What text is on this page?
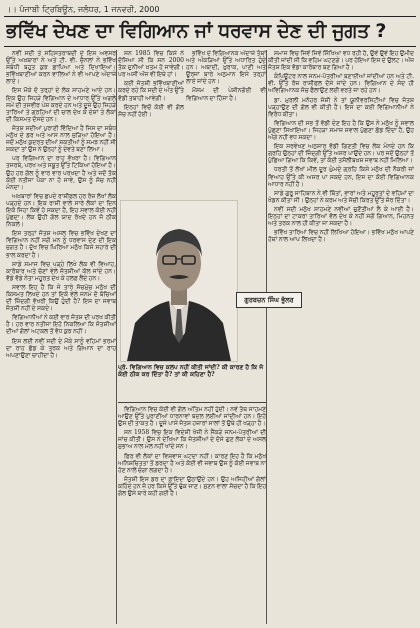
।। ਪੰਜਾਬੀ ਟ੍ਰਿਬਿਊਨ, ਜਲੰਧਰ, 1 ਜਨਵਰੀ, 2000
ਭਵਿੱਖ ਦੇਖਣ ਦਾ ਵਿਗਿਆਨ ਜਾਂ ਧਰਵਾਸ ਦੇਣ ਦੀ ਜੁਗਤ ?

ਨਵੀਂ ਸਦੀ ਤੇ ਸਹਿਸਤਰਾਬਦੀ ਦੇ ਇਸ ਅਵਸਰ ਉੱਤੇ ਅਖ਼ਬਾਰਾਂ ਨੇ ਅਤੇ ਟੀ. ਵੀ. ਚੈਨਲਾਂ ਨੇ ਭਵਿੱਖ ਸਬੰਧੀ ਬਹੁਤ ਕੁਝ ਛਾਪਿਆ ਅਤੇ ਦਿਖਾਇਆ। ਭਵਿੱਖਬਾਣੀਆਂ ਕਰਨ ਵਾਲਿਆਂ ਨੇ ਵੀ ਆਪਣੇ ਅੰਦਾਜ਼ੇ ਲਾਏ।

ਇਸ ਮੌਕੇ ਦੋ ਤਰ੍ਹਾਂ ਦੇ ਲੋਕ ਸਾਹਮਣੇ ਆਏ ਹਨ। ਇਕ ਉਹ ਜਿਹੜੇ ਵਿਗਿਆਨ ਦੇ ਆਧਾਰ ਉੱਤੇ ਅਗਲੇ ਸਮੇਂ ਦੀ ਤਸਵੀਰ ਪੇਸ਼ ਕਰਦੇ ਹਨ ਅਤੇ ਦੂਜੇ ਉਹ ਜਿਹੜੇ ਤਾਰਿਆਂ ਤੇ ਗ੍ਰਹਿਆਂ ਦੀ ਚਾਲ ਦੇਖ ਕੇ ਦੇਸ਼ਾਂ ਤੇ ਲੋਕਾਂ ਦੀ ਕਿਸਮਤ ਦੱਸਦੇ ਹਨ।

ਜੋਤਸ਼ ਸਦੀਆਂ ਪੁਰਾਣੀ ਵਿੱਦਿਆ ਹੈ ਜਿਸ ਦਾ ਸਬੰਧ ਮਨੁੱਖ ਦੇ ਡਰ ਅਤੇ ਆਸ ਨਾਲ ਜੁੜਿਆ ਹੋਇਆ ਹੈ। ਜਦੋਂ ਮਨੁੱਖ ਕੁਦਰਤ ਦੀਆਂ ਸ਼ਕਤੀਆਂ ਨੂੰ ਸਮਝ ਨਹੀਂ ਸੀ ਸਕਦਾ ਤਾਂ ਉਸ ਨੇ ਉਨ੍ਹਾਂ ਨੂੰ ਦੇਵਤੇ ਬਣਾ ਲਿਆ।

ਪਰ ਵਿਗਿਆਨ ਦਾ ਰਾਹ ਵੱਖਰਾ ਹੈ। ਵਿਗਿਆਨ ਤਜਰਬੇ, ਪਰਖ ਅਤੇ ਸਬੂਤ ਉੱਤੇ ਟਿਕਿਆ ਹੋਇਆ ਹੈ। ਉਹ ਹਰ ਗੱਲ ਨੂੰ ਵਾਰ ਵਾਰ ਪਰਖਦਾ ਹੈ ਅਤੇ ਜਦੋਂ ਤੱਕ ਕੋਈ ਨਤੀਜਾ ਪੱਕਾ ਨਾ ਹੋ ਜਾਵੇ, ਉਸ ਨੂੰ ਸੱਚ ਨਹੀਂ ਮੰਨਦਾ।

ਅਖ਼ਬਾਰਾਂ ਵਿਚ ਛਪਦੇ ਰਾਸ਼ੀਫਲ ਹਰ ਰੋਜ਼ ਲੱਖਾਂ ਲੋਕ ਪੜ੍ਹਦੇ ਹਨ। ਇਕ ਰਾਸ਼ੀ ਵਾਲੇ ਸਾਰੇ ਲੋਕਾਂ ਦਾ ਦਿਨ ਇਕੋ ਜਿਹਾ ਕਿਵੇਂ ਹੋ ਸਕਦਾ ਹੈ, ਇਹ ਸਵਾਲ ਕੋਈ ਨਹੀਂ ਪੁੱਛਦਾ। ਲੋਕ ਉਹੀ ਗੱਲ ਯਾਦ ਰੱਖਦੇ ਹਨ ਜੋ ਠੀਕ ਨਿਕਲੇ।

ਇਸ ਤਰ੍ਹਾਂ ਜੋਤਸ਼ ਅਸਲ ਵਿਚ ਭਵਿੱਖ ਦੇਖਣ ਦਾ ਵਿਗਿਆਨ ਨਹੀਂ ਸਗੋਂ ਮਨ ਨੂੰ ਧਰਵਾਸ ਦੇਣ ਦੀ ਇਕ ਜੁਗਤ ਹੈ। ਦੁੱਖ ਵਿਚ ਘਿਰਿਆ ਮਨੁੱਖ ਕਿਸੇ ਸਹਾਰੇ ਦੀ ਭਾਲ ਕਰਦਾ ਹੈ।

ਸਾਡੇ ਸਮਾਜ ਵਿਚ ਪੜ੍ਹੇ ਲਿਖੇ ਲੋਕ ਵੀ ਵਿਆਹ, ਕਾਰੋਬਾਰ ਅਤੇ ਚੋਣਾਂ ਵੇਲੇ ਜੋਤਸ਼ੀਆਂ ਕੋਲ ਜਾਂਦੇ ਹਨ। ਵੱਡੇ ਵੱਡੇ ਨੇਤਾ ਮਹੂਰਤ ਦੇਖ ਕੇ ਹਲਫ਼ ਲੈਂਦੇ ਹਨ।

ਸਵਾਲ ਇਹ ਹੈ ਕਿ ਜੇ ਤਾਰੇ ਸੱਚਮੁੱਚ ਮਨੁੱਖ ਦੀ ਕਿਸਮਤ ਲਿਖਦੇ ਹਨ ਤਾਂ ਇਕੋ ਵੇਲੇ ਜਨਮੇ ਦੋ ਬੱਚਿਆਂ ਦੀ ਜ਼ਿੰਦਗੀ ਵੱਖਰੀ ਕਿਉਂ ਹੁੰਦੀ ਹੈ? ਇਸ ਦਾ ਜਵਾਬ ਜੋਤਸ਼ੀ ਨਹੀਂ ਦੇ ਸਕਦੇ।

ਵਿਗਿਆਨੀਆਂ ਨੇ ਕਈ ਵਾਰ ਜੋਤਸ਼ ਦੀ ਪਰਖ ਕੀਤੀ ਹੈ। ਹਰ ਵਾਰ ਨਤੀਜਾ ਇਹੋ ਨਿਕਲਿਆ ਕਿ ਜੋਤਸ਼ੀਆਂ ਦੀਆਂ ਗੱਲਾਂ ਅਟਕਲ ਤੋਂ ਵੱਧ ਕੁਝ ਨਹੀਂ।

ਇਸ ਲਈ ਨਵੀਂ ਸਦੀ ਦੇ ਮੌਕੇ ਸਾਨੂੰ ਵਹਿਮਾਂ ਭਰਮਾਂ ਦਾ ਰਾਹ ਛੱਡ ਕੇ ਤਰਕ ਅਤੇ ਗਿਆਨ ਦਾ ਰਾਹ ਅਪਣਾਉਣਾ ਚਾਹੀਦਾ ਹੈ।

ਸਨ 1985 ਵਿਚ ਕਿਸੇ ਨੇ ਦੱਸਿਆ ਸੀ ਕਿ ਸਨ 2000 ਤੱਕ ਦੁਨੀਆਂ ਖ਼ਤਮ ਹੋ ਜਾਵੇਗੀ। ਪਰ ਅਸੀਂ ਅੱਜ ਵੀ ਇਥੇ ਹਾਂ।

ਕਈ ਜੋਤਸ਼ੀ ਭਵਿੱਖਬਾਣੀਆਂ ਕਰਦੇ ਰਹੇ ਕਿ ਸਦੀ ਦੇ ਅੰਤ ਉੱਤੇ ਵੱਡੀ ਤਬਾਹੀ ਆਵੇਗੀ।

ਇਨ੍ਹਾਂ ਵਿਚੋਂ ਕੋਈ ਵੀ ਗੱਲ ਸੱਚ ਨਹੀਂ ਹੋਈ।

ਭਵਿੱਖ ਦੇ ਵਿਗਿਆਨਕ ਅੰਦਾਜ਼ੇ ਤੱਥਾਂ ਅਤੇ ਅੰਕੜਿਆਂ ਉੱਤੇ ਅਧਾਰਿਤ ਹੁੰਦੇ ਹਨ। ਅਬਾਦੀ, ਖ਼ੁਰਾਕ, ਪਾਣੀ ਅਤੇ ਊਰਜਾ ਬਾਰੇ ਅਨੁਮਾਨ ਇਸੇ ਤਰ੍ਹਾਂ ਲਾਏ ਜਾਂਦੇ ਹਨ।

ਮੌਸਮ ਦੀ ਪੇਸ਼ੀਨਗੋਈ ਵੀ ਵਿਗਿਆਨ ਦਾ ਹਿੱਸਾ ਹੈ।

ਗੁਰਬਚਨ ਸਿੰਘ ਭੁੱਲਰ
ਪ੍ਰੋ. ਵਿਗਿਆਨ ਵਿਚ ਕਲਪ ਨਹੀਂ ਕੀਤੀ ਜਾਂਦੀ? ਕੀ ਕਾਰਣ ਹੈ ਕਿ ਜੋ ਕੋਈ ਠੀਕ ਕਰ ਦਿੱਤਾ ਹੈ? ਤਾਂ ਕੀ ਕਹਿਣਾ ਹੈ?

ਵਿਗਿਆਨ ਵਿਚ ਕੋਈ ਵੀ ਗੱਲ ਅੰਤਿਮ ਨਹੀਂ ਹੁੰਦੀ। ਨਵੇਂ ਤੱਥ ਸਾਹਮਣੇ ਆਉਣ ਉੱਤੇ ਪੁਰਾਣੀਆਂ ਧਾਰਨਾਵਾਂ ਬਦਲ ਲਈਆਂ ਜਾਂਦੀਆਂ ਹਨ। ਇਹੋ ਉਸ ਦੀ ਤਾਕਤ ਹੈ। ਦੂਜੇ ਪਾਸੇ ਜੋਤਸ਼ ਹਜ਼ਾਰਾਂ ਸਾਲਾਂ ਤੋਂ ਉਥੇ ਹੀ ਖੜ੍ਹਾ ਹੈ।

ਸਨ 1958 ਵਿਚ ਇਕ ਵਿਦੇਸ਼ੀ ਖੋਜੀ ਨੇ ਸੈਂਕੜੇ ਜਨਮ-ਪੱਤਰੀਆਂ ਦੀ ਜਾਂਚ ਕੀਤੀ। ਉਸ ਨੇ ਦੇਖਿਆ ਕਿ ਜੋਤਸ਼ੀਆਂ ਦੇ ਦੱਸੇ ਗੁਣ ਲੋਕਾਂ ਦੇ ਅਸਲ ਸੁਭਾਅ ਨਾਲ ਮੇਲ ਨਹੀਂ ਖਾਂਦੇ ਸਨ।

ਫਿਰ ਵੀ ਲੋਕਾਂ ਦਾ ਵਿਸ਼ਵਾਸ ਘਟਦਾ ਨਹੀਂ। ਕਾਰਣ ਇਹ ਹੈ ਕਿ ਮਨੁੱਖ ਅਨਿਸ਼ਚਿਤਤਾ ਤੋਂ ਡਰਦਾ ਹੈ ਅਤੇ ਕੋਈ ਵੀ ਜਵਾਬ ਉਸ ਨੂੰ ਕੋਈ ਜਵਾਬ ਨਾ ਹੋਣ ਨਾਲੋਂ ਚੰਗਾ ਲਗਦਾ ਹੈ।

ਜੋਤਸ਼ੀ ਇਸ ਡਰ ਦਾ ਫ਼ਾਇਦਾ ਉਠਾਉਂਦੇ ਹਨ। ਉਹ ਅਜਿਹੀਆਂ ਗੱਲਾਂ ਕਹਿੰਦੇ ਹਨ ਜੋ ਹਰ ਕਿਸੇ ਉੱਤੇ ਢੁੱਕ ਜਾਣ। ਸੁਣਨ ਵਾਲਾ ਸੋਚਦਾ ਹੈ ਕਿ ਇਹ ਗੱਲ ਉਸੇ ਬਾਰੇ ਕਹੀ ਗਈ ਹੈ।

ਸਮਾਜ ਵਿਚ ਜਿਵੇਂ ਜਿਵੇਂ ਸਿੱਖਿਆ ਵਧ ਰਹੀ ਹੈ, ਉਵੇਂ ਉਵੇਂ ਇਹ ਉਮੀਦ ਕੀਤੀ ਜਾਂਦੀ ਸੀ ਕਿ ਵਹਿਮ ਘਟਣਗੇ। ਪਰ ਹੋਇਆ ਇਸ ਦੇ ਉਲਟ। ਅੱਜ ਜੋਤਸ਼ ਇਕ ਵੱਡਾ ਕਾਰੋਬਾਰ ਬਣ ਗਿਆ ਹੈ।

ਕੰਪਿਊਟਰ ਨਾਲ ਜਨਮ-ਪੱਤਰੀਆਂ ਬਣਾਈਆਂ ਜਾਂਦੀਆਂ ਹਨ ਅਤੇ ਟੀ. ਵੀ. ਉੱਤੇ ਰੋਜ਼ ਰਾਸ਼ੀਫਲ ਦੱਸੇ ਜਾਂਦੇ ਹਨ। ਵਿਗਿਆਨ ਦੇ ਸੰਦ ਹੀ ਅਵਿਗਿਆਨਕ ਸੋਚ ਫੈਲਾਉਣ ਲਈ ਵਰਤੇ ਜਾ ਰਹੇ ਹਨ।

ਡਾ. ਮੁਰਲੀ ਮਨੋਹਰ ਜੋਸ਼ੀ ਨੇ ਤਾਂ ਯੂਨੀਵਰਸਿਟੀਆਂ ਵਿਚ ਜੋਤਸ਼ ਪੜ੍ਹਾਉਣ ਦੀ ਗੱਲ ਵੀ ਕੀਤੀ ਹੈ। ਇਸ ਦਾ ਕਈ ਵਿਗਿਆਨੀਆਂ ਨੇ ਵਿਰੋਧ ਕੀਤਾ।

ਵਿਗਿਆਨ ਦੀ ਸਭ ਤੋਂ ਵੱਡੀ ਦੇਣ ਇਹ ਹੈ ਕਿ ਉਸ ਨੇ ਮਨੁੱਖ ਨੂੰ ਸਵਾਲ ਪੁੱਛਣਾ ਸਿਖਾਇਆ। ਜਿਹੜਾ ਸਮਾਜ ਸਵਾਲ ਪੁੱਛਣਾ ਛੱਡ ਦਿੰਦਾ ਹੈ, ਉਹ ਅੱਗੇ ਨਹੀਂ ਵਧ ਸਕਦਾ।

ਇਕ ਸਰਵੇਖਣ ਅਨੁਸਾਰ ਵੱਡੀ ਗਿਣਤੀ ਵਿਚ ਲੋਕ ਮੰਨਦੇ ਹਨ ਕਿ ਗ੍ਰਹਿ ਉਨ੍ਹਾਂ ਦੀ ਜ਼ਿੰਦਗੀ ਉੱਤੇ ਅਸਰ ਪਾਉਂਦੇ ਹਨ। ਪਰ ਜਦੋਂ ਉਨ੍ਹਾਂ ਤੋਂ ਪੁੱਛਿਆ ਗਿਆ ਕਿ ਕਿਵੇਂ, ਤਾਂ ਕੋਈ ਤਸੱਲੀਬਖ਼ਸ਼ ਜਵਾਬ ਨਹੀਂ ਮਿਲਿਆ।

ਧਰਤੀ ਤੋਂ ਲੱਖਾਂ ਮੀਲ ਦੂਰ ਘੁੰਮਦੇ ਗ੍ਰਹਿ ਕਿਸੇ ਮਨੁੱਖ ਦੀ ਨੌਕਰੀ ਜਾਂ ਵਿਆਹ ਉੱਤੇ ਕੀ ਅਸਰ ਪਾ ਸਕਦੇ ਹਨ, ਇਸ ਦਾ ਕੋਈ ਵਿਗਿਆਨਕ ਆਧਾਰ ਨਹੀਂ ਹੈ।

ਸਾਡੇ ਗੁਰੂ ਸਾਹਿਬਾਨ ਨੇ ਵੀ ਥਿੱਤਾਂ, ਵਾਰਾਂ ਅਤੇ ਮਹੂਰਤਾਂ ਦੇ ਵਹਿਮਾਂ ਦਾ ਖੰਡਨ ਕੀਤਾ ਸੀ। ਉਨ੍ਹਾਂ ਨੇ ਕਰਮ ਅਤੇ ਸੱਚੀ ਕਿਰਤ ਉੱਤੇ ਜ਼ੋਰ ਦਿੱਤਾ।

ਨਵੀਂ ਸਦੀ ਮਨੁੱਖ ਸਾਹਮਣੇ ਨਵੀਆਂ ਚੁਣੌਤੀਆਂ ਲੈ ਕੇ ਆਈ ਹੈ। ਇਨ੍ਹਾਂ ਦਾ ਟਾਕਰਾ ਤਾਰਿਆਂ ਵੱਲ ਦੇਖ ਕੇ ਨਹੀਂ ਸਗੋਂ ਗਿਆਨ, ਮਿਹਨਤ ਅਤੇ ਤਰਕ ਨਾਲ ਹੀ ਕੀਤਾ ਜਾ ਸਕਦਾ ਹੈ।

ਭਵਿੱਖ ਤਾਰਿਆਂ ਵਿਚ ਨਹੀਂ ਲਿਖਿਆ ਹੋਇਆ। ਭਵਿੱਖ ਮਨੁੱਖ ਆਪਣੇ ਹੱਥਾਂ ਨਾਲ ਆਪ ਲਿਖਦਾ ਹੈ।
